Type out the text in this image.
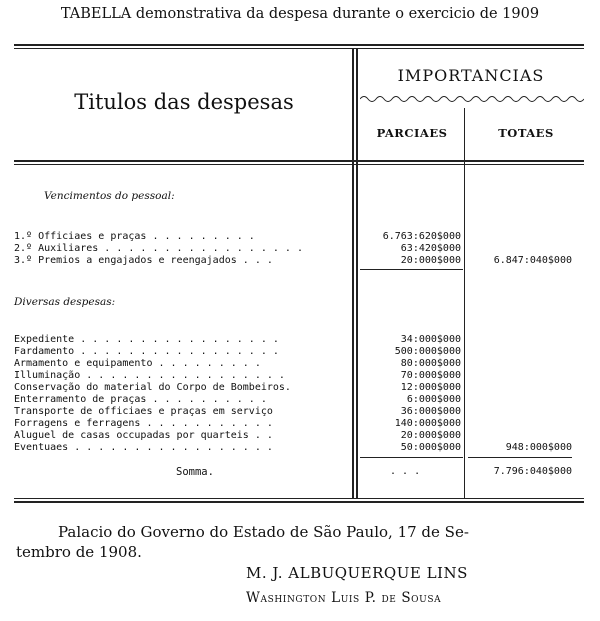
TABELLA demonstrativa da despesa durante o exercicio de 1909
Titulos das despesas
IMPORTANCIAS
PARCIAES	TOTAES
Vencimentos do pessoal:
1.º Officiaes e praças . . . . . . . . .	6.763:620$000
2.º Auxiliares . . . . . . . . . . . . . . . . .	63:420$000
3.º Premios a engajados e reengajados . . .	20:000$000	6.847:040$000
Diversas despesas:
Expediente . . . . . . . . . . . . . . . . .	34:000$000
Fardamento . . . . . . . . . . . . . . . . .	500:000$000
Armamento e equipamento . . . . . . . . .	80:000$000
Illuminação . . . . . . . . . . . . . . . . .	70:000$000
Conservação do material do Corpo de Bombeiros.	12:000$000
Enterramento de praças . . . . . . . . . .	6:000$000
Transporte de officiaes e praças em serviço	36:000$000
Forragens e ferragens . . . . . . . . . . .	140:000$000
Aluguel de casas occupadas por quarteis . .	20:000$000
Eventuaes . . . . . . . . . . . . . . . . .	50:000$000	948:000$000
Somma.	. . .	7.796:040$000
Palacio do Governo do Estado de São Paulo, 17 de Se-
tembro de 1908.
M. J. ALBUQUERQUE LINS
Washington Luis P. de Sousa
